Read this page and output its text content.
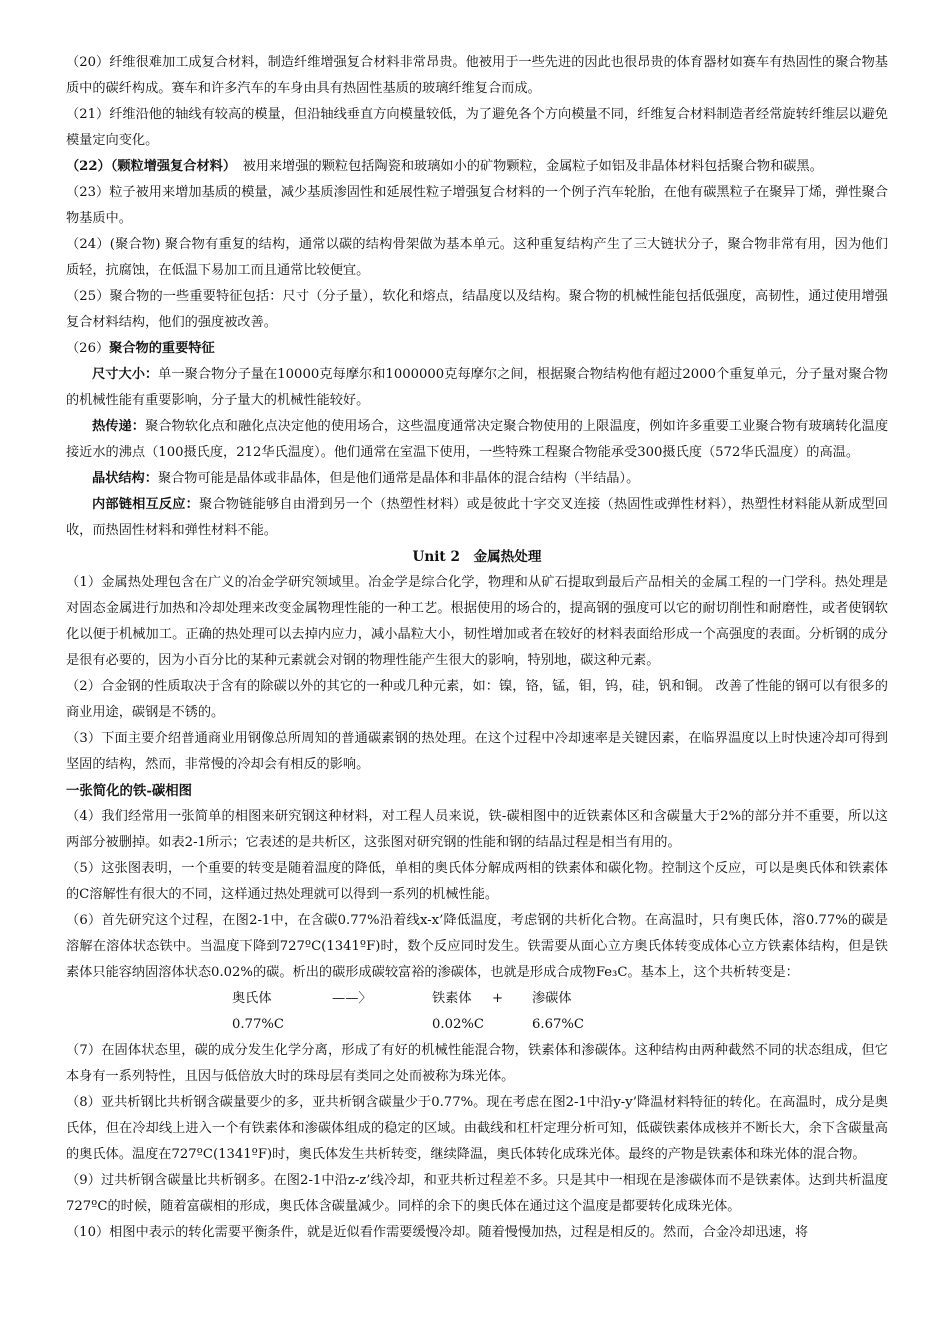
（20）纤维很难加工成复合材料，制造纤维增强复合材料非常昂贵。他被用于一些先进的因此也很昂贵的体育器材如赛车有热固性的聚合物基质中的碳纤构成。赛车和许多汽车的车身由具有热固性基质的玻璃纤维复合而成。

（21）纤维沿他的轴线有较高的模量，但沿轴线垂直方向模量较低，为了避免各个方向模量不同，纤维复合材料制造者经常旋转纤维层以避免模量定向变化。

（22）（颗粒增强复合材料）　 被用来增强的颗粒包括陶瓷和玻璃如小的矿物颗粒，金属粒子如铝及非晶体材料包括聚合物和碳黑。

（23）粒子被用来增加基质的模量，减少基质渗固性和延展性粒子增强复合材料的一个例子汽车轮胎，在他有碳黑粒子在聚异丁烯，弹性聚合物基质中。

（24）(聚合物) 聚合物有重复的结构，通常以碳的结构骨架做为基本单元。这种重复结构产生了三大链状分子，聚合物非常有用，因为他们质轻，抗腐蚀，在低温下易加工而且通常比较便宜。

（25）聚合物的一些重要特征包括：尺寸（分子量），软化和熔点，结晶度以及结构。聚合物的机械性能包括低强度，高韧性，通过使用增强复合材料结构，他们的强度被改善。

（26）聚合物的重要特征

尺寸大小：单一聚合物分子量在10000克每摩尔和1000000克每摩尔之间，根据聚合物结构他有超过2000个重复单元，分子量对聚合物的机械性能有重要影响，分子量大的机械性能较好。

热传递：聚合物软化点和融化点决定他的使用场合，这些温度通常决定聚合物使用的上限温度，例如许多重要工业聚合物有玻璃转化温度接近水的沸点（100摄氏度，212华氏温度）。他们通常在室温下使用，一些特殊工程聚合物能承受300摄氏度（572华氏温度）的高温。

晶状结构：聚合物可能是晶体或非晶体，但是他们通常是晶体和非晶体的混合结构（半结晶）。

内部链相互反应：聚合物链能够自由滑到另一个（热塑性材料）或是彼此十字交叉连接（热固性或弹性材料），热塑性材料能从新成型回收，而热固性材料和弹性材料不能。

Unit 2　金属热处理

（1）金属热处理包含在广义的冶金学研究领域里。冶金学是综合化学，物理和从矿石提取到最后产品相关的金属工程的一门学科。热处理是对固态金属进行加热和冷却处理来改变金属物理性能的一种工艺。根据使用的场合的，提高钢的强度可以它的耐切削性和耐磨性，或者使钢软化以便于机械加工。正确的热处理可以去掉内应力，减小晶粒大小，韧性增加或者在较好的材料表面给形成一个高强度的表面。分析钢的成分是很有必要的，因为小百分比的某种元素就会对钢的物理性能产生很大的影响，特别地，碳这种元素。

（2）合金钢的性质取决于含有的除碳以外的其它的一种或几种元素，如：镍，铬，锰，钼，钨，硅，钒和铜。 改善了性能的钢可以有很多的商业用途，碳钢是不锈的。

（3）下面主要介绍普通商业用钢像总所周知的普通碳素钢的热处理。在这个过程中冷却速率是关键因素，在临界温度以上时快速冷却可得到坚固的结构，然而，非常慢的冷却会有相反的影响。

一张简化的铁-碳相图

（4）我们经常用一张简单的相图来研究钢这种材料，对工程人员来说，铁-碳相图中的近铁素体区和含碳量大于2%的部分并不重要，所以这两部分被删掉。如表2-1所示；它表述的是共析区，这张图对研究钢的性能和钢的结晶过程是相当有用的。

（5）这张图表明，一个重要的转变是随着温度的降低，单相的奥氏体分解成两相的铁素体和碳化物。控制这个反应，可以是奥氏体和铁素体的C溶解性有很大的不同，这样通过热处理就可以得到一系列的机械性能。

（6）首先研究这个过程，在图2-1中，在含碳0.77%沿着线x-x’降低温度，考虑钢的共析化合物。在高温时，只有奥氏体，溶0.77%的碳是溶解在溶体状态铁中。当温度下降到727ºC(1341ºF)时，数个反应同时发生。铁需要从面心立方奥氏体转变成体心立方铁素体结构，但是铁素体只能容纳固溶体状态0.02%的碳。析出的碳形成碳较富裕的渗碳体，也就是形成合成物Fe₃C。基本上，这个共析转变是：

奥氏体	——〉	铁素体	+	渗碳体
0.77%C	0.02%C	6.67%C

（7）在固体状态里，碳的成分发生化学分离，形成了有好的机械性能混合物，铁素体和渗碳体。这种结构由两种截然不同的状态组成，但它本身有一系列特性，且因与低倍放大时的珠母层有类同之处而被称为珠光体。

（8）亚共析钢比共析钢含碳量要少的多，亚共析钢含碳量少于0.77%。现在考虑在图2-1中沿y-y’降温材料特征的转化。在高温时，成分是奥氏体，但在冷却线上进入一个有铁素体和渗碳体组成的稳定的区域。由截线和杠杆定理分析可知，低碳铁素体成核并不断长大，余下含碳量高的奥氏体。温度在727ºC(1341ºF)时，奥氏体发生共析转变，继续降温，奥氏体转化成珠光体。最终的产物是铁素体和珠光体的混合物。

（9）过共析钢含碳量比共析钢多。在图2-1中沿z-z’线冷却，和亚共析过程差不多。只是其中一相现在是渗碳体而不是铁素体。达到共析温度727ºC的时候，随着富碳相的形成，奥氏体含碳量减少。同样的余下的奥氏体在通过这个温度是都要转化成珠光体。

（10）相图中表示的转化需要平衡条件，就是近似看作需要缓慢冷却。随着慢慢加热，过程是相反的。然而，合金冷却迅速，将
